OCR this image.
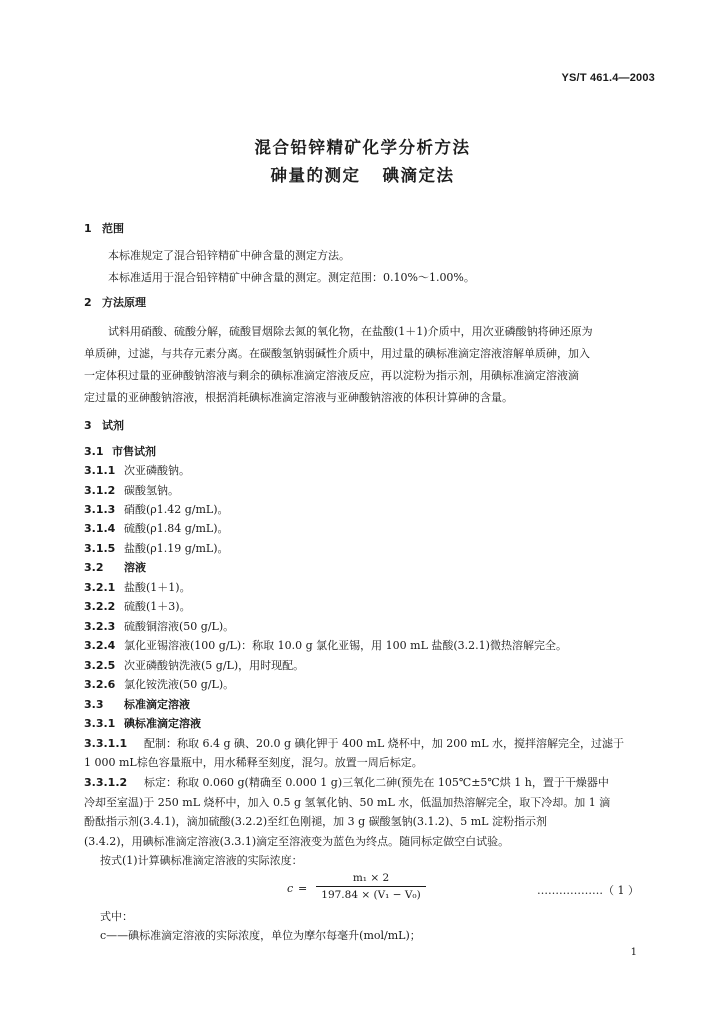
YS/T 461.4—2003
混合铅锌精矿化学分析方法
砷量的测定 碘滴定法
1 范围
本标准规定了混合铅锌精矿中砷含量的测定方法。
本标准适用于混合铅锌精矿中砷含量的测定。测定范围：0.10%～1.00%。
2 方法原理
试料用硝酸、硫酸分解，硫酸冒烟除去氮的氧化物，在盐酸(1＋1)介质中，用次亚磷酸钠将砷还原为
单质砷，过滤，与共存元素分离。在碳酸氢钠弱碱性介质中，用过量的碘标准滴定溶液溶解单质砷，加入
一定体积过量的亚砷酸钠溶液与剩余的碘标准滴定溶液反应，再以淀粉为指示剂，用碘标准滴定溶液滴
定过量的亚砷酸钠溶液，根据消耗碘标准滴定溶液与亚砷酸钠溶液的体积计算砷的含量。
3 试剂
3.1 市售试剂
3.1.1 次亚磷酸钠。
3.1.2 碳酸氢钠。
3.1.3 硝酸(ρ1.42 g/mL)。
3.1.4 硫酸(ρ1.84 g/mL)。
3.1.5 盐酸(ρ1.19 g/mL)。
3.2 溶液
3.2.1 盐酸(1＋1)。
3.2.2 硫酸(1＋3)。
3.2.3 硫酸铜溶液(50 g/L)。
3.2.4 氯化亚锡溶液(100 g/L)：称取 10.0 g 氯化亚锡，用 100 mL 盐酸(3.2.1)微热溶解完全。
3.2.5 次亚磷酸钠洗液(5 g/L)，用时现配。
3.2.6 氯化铵洗液(50 g/L)。
3.3 标准滴定溶液
3.3.1 碘标准滴定溶液
3.3.1.1 配制：称取 6.4 g 碘、20.0 g 碘化钾于 400 mL 烧杯中，加 200 mL 水，搅拌溶解完全，过滤于
1 000 mL棕色容量瓶中，用水稀释至刻度，混匀。放置一周后标定。
3.3.1.2 标定：称取 0.060 g(精确至 0.000 1 g)三氧化二砷(预先在 105℃±5℃烘 1 h，置于干燥器中
冷却至室温)于 250 mL 烧杯中，加入 0.5 g 氢氧化钠、50 mL 水，低温加热溶解完全，取下冷却。加 1 滴
酚酞指示剂(3.4.1)，滴加硫酸(3.2.2)至红色刚褪，加 3 g 碳酸氢钠(3.1.2)、5 mL 淀粉指示剂
(3.4.2)，用碘标准滴定溶液(3.3.1)滴定至溶液变为蓝色为终点。随同标定做空白试验。
按式(1)计算碘标准滴定溶液的实际浓度：
c =
m₁ × 2
197.84 × (V₁ − V₀)	………………（ 1 ）
式中：
c——碘标准滴定溶液的实际浓度，单位为摩尔每毫升(mol/mL)；
1
